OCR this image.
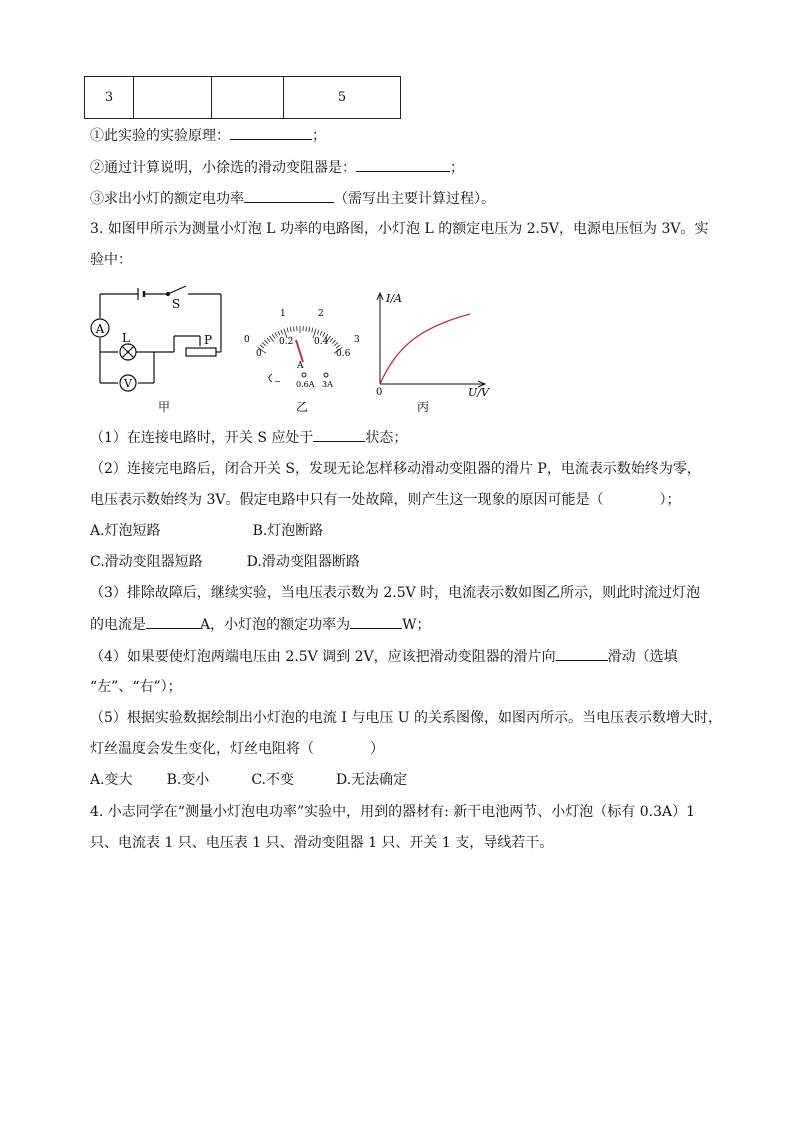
3			5
①此实验的实验原理：	；
②通过计算说明，小徐选的滑动变阻器是：	；
③求出小灯的额定电功率	（需写出主要计算过程）。
3. 如图甲所示为测量小灯泡 L 功率的电路图，小灯泡 L 的额定电压为 2.5V，电源电压恒为 3V。实
验中：
A
V
S
L	P	0
1	2
3
0
0.2 0.4
0.6
A
− 0.6A 3A
I/A
U/V
0
甲	乙	丙
（1）在连接电路时，开关 S 应处于	状态；
（2）连接完电路后，闭合开关 S，发现无论怎样移动滑动变阻器的滑片 P，电流表示数始终为零，
电压表示数始终为 3V。假定电路中只有一处故障，则产生这一现象的原因可能是（　　　　）；
A.灯泡短路	B.灯泡断路
C.滑动变阻器短路	D.滑动变阻器断路
（3）排除故障后，继续实验，当电压表示数为 2.5V 时，电流表示数如图乙所示，则此时流过灯泡
的电流是	A，小灯泡的额定功率为	W；
（4）如果要使灯泡两端电压由 2.5V 调到 2V，应该把滑动变阻器的滑片向	滑动（选填
“左”、“右”）；
（5）根据实验数据绘制出小灯泡的电流 I 与电压 U 的关系图像，如图丙所示。当电压表示数增大时，
灯丝温度会发生变化，灯丝电阻将（　　　　）
A.变大 B.变小	C.不变	D.无法确定
4. 小志同学在“测量小灯泡电功率”实验中，用到的器材有: 新干电池两节、小灯泡（标有 0.3A）1
只、电流表 1 只、电压表 1 只、滑动变阻器 1 只、开关 1 支，导线若干。
